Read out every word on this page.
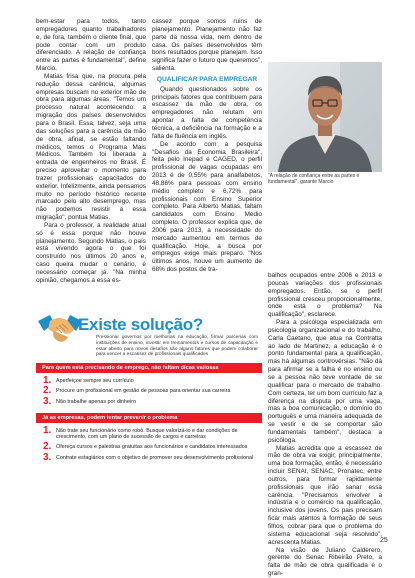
bem-estar para todos, tanto empregadores quanto trabalhadores e, de fora, também o cliente final, que pode contar com um produto diferenciado. A relação de confiança entre as partes é fundamental", define Marcio.

Matias frisa que, na procura pela redução dessa carência, algumas empresas buscam no exterior mão de obra para algumas áreas. "Temos um processo natural acontecendo: a migração dos países desenvolvidos para o Brasil. Essa, talvez, seja uma das soluções para a carência da mão de obra, afinal, se estão faltando médicos, temos o Programa Mais Médicos. Também foi liberada a entrada de engenheiros no Brasil. É preciso aproveitar o momento para trazer profissionais capacitados do exterior. Infelizmente, ainda pensamos muito no período histórico recente marcado pelo alto desemprego, mas não podemos resistir a essa migração", pontua Matias.

Para o professor, a realidade atual só é essa porque não houve planejamento. Segundo Matias, o país está vivendo agora o que foi construído nos últimos 20 anos e, caso queira mudar o cenário, é necessário começar já. "Na minha opinião, chegamos a essa es-

cassez porque somos ruins de planejamento. Planejamento não faz parte da nossa vida, nem dentro de casa. Os países desenvolvidos têm bons resultados porque planejam. Isso significa fazer o futuro que queremos", salienta.

QUALIFICAR PARA EMPREGAR

Quando questionados sobre os principais fatores que contribuem para escassez da mão de obra, os empregadores não relutam em apontar a falta de competência técnica, a deficiência na formação e a falta de fluência em inglês.

De acordo com a pesquisa "Desafios da Economia Brasileira", feita pelo Inepad e CAGED, o perfil profissional de vagas ocupadas em 2013 é de 0,55% para analfabetos, 48,86% para pessoas com ensino médio completo e 6,72% para profissionais com Ensino Superior completo. Para Alberto Matias, faltam candidatos com Ensino Médio completo. O professor explica que, de 2006 para 2013, a necessidade do mercado aumentou em termos de qualificação. Hoje, a busca por empregos exige mais preparo. "Nos últimos anos, houve um aumento de 68% dos postos de tra-

"A relação de confiança entre as partes é fundamental", garante Marcio

balhos ocupados entre 2006 e 2013 e poucas variações dos profissionais empregados. Então, se o perfil profissional cresceu proporcionalmente, onde está o problema? Na qualificação", esclarece.

Para a psicóloga especializada em psicologia organizacional e do trabalho, Carla Caetano, que atua na Contratta ao lado de Martinez, a educação é o ponto fundamental para a qualificação, mas há algumas controvérsias. "Não dá para afirmar se a falha é no ensino ou se a pessoa não teve vontade de se qualificar para o mercado de trabalho. Com certeza, ter um bom currículo faz a diferença na disputa por uma vaga, mas a boa comunicação, o domínio do português e uma maneira adequada de se vestir e de se comportar são fundamentais também", destaca a psicóloga.

Matias acredita que a escassez de mão de obra vai exigir, principalmente, uma boa formação, então, é necessário incluir SENAI, SENAC, Pronatec, entre outros, para formar rapidamente profissionais que irão sanar essa carência. "Precisamos envolver a indústria e o comércio na qualificação, inclusive dos jovens. Os pais precisam ficar mais atentos à formação de seus filhos, cobrar para que o problema do sistema educacional seja resolvido", acrescenta Matias.

Na visão de Juliano Calderero, gerente do Senac Ribeirão Preto, a falta de mão de obra qualificada é o gran-

Existe solução?
Pressionar governos por melhorias na educação, firmar parcerias com instituições de ensino, investir em treinamentos e cursos de capacitação e estar aberto para novos desafios são alguns fatores que podem colaborar para vencer a escassez de profissionais qualificados
Para quem está precisando de emprego, não faltam dicas valiosas
1. Aperfeiçoe sempre seu currículo
2. Procure um profissional em gestão de pessoas para orientar sua carreira
3. Não trabalhe apenas por dinheiro
Já as empresas, podem tentar prevenir o problema
1. Não trate seu funcionário como robô. Busque valorizá-lo e dar condições de crescimento, com um plano de sucessão de cargos e carreiras
2. Ofereça cursos e palestras gratuitas aos funcionários e candidatos interessados
3. Contrate estagiários com o objetivo de promover seu desenvolvimento profissional
25
